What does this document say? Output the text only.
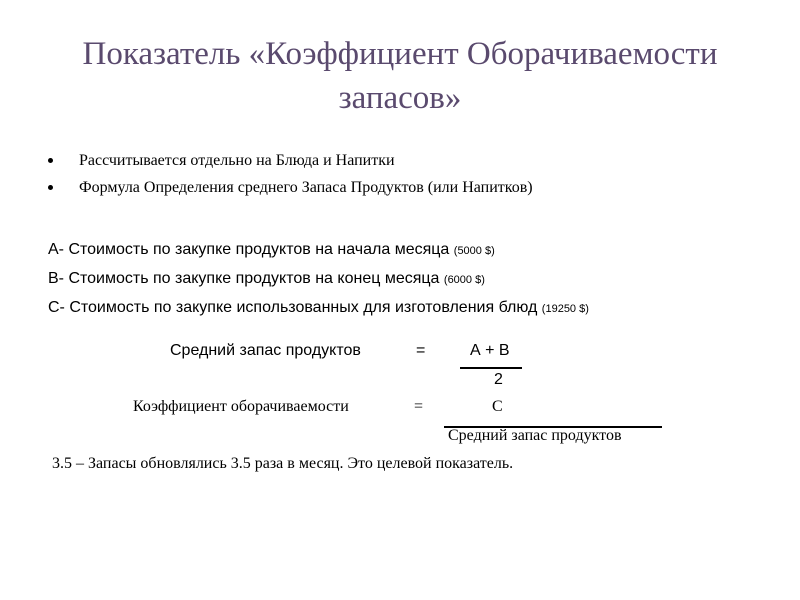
Показатель «Коэффициент Оборачиваемости запасов»
Рассчитывается отдельно на Блюда и Напитки
Формула Определения среднего Запаса Продуктов (или Напитков)
А- Стоимость по закупке продуктов на начала месяца (5000 $)
В- Стоимость по закупке продуктов на конец месяца (6000 $)
С- Стоимость по закупке использованных для изготовления блюд (19250 $)
Средний запас продуктов	=	А + В
2
Коэффициент оборачиваемости	=	С
Средний запас продуктов
3.5 – Запасы обновлялись 3.5 раза в месяц. Это целевой показатель.
